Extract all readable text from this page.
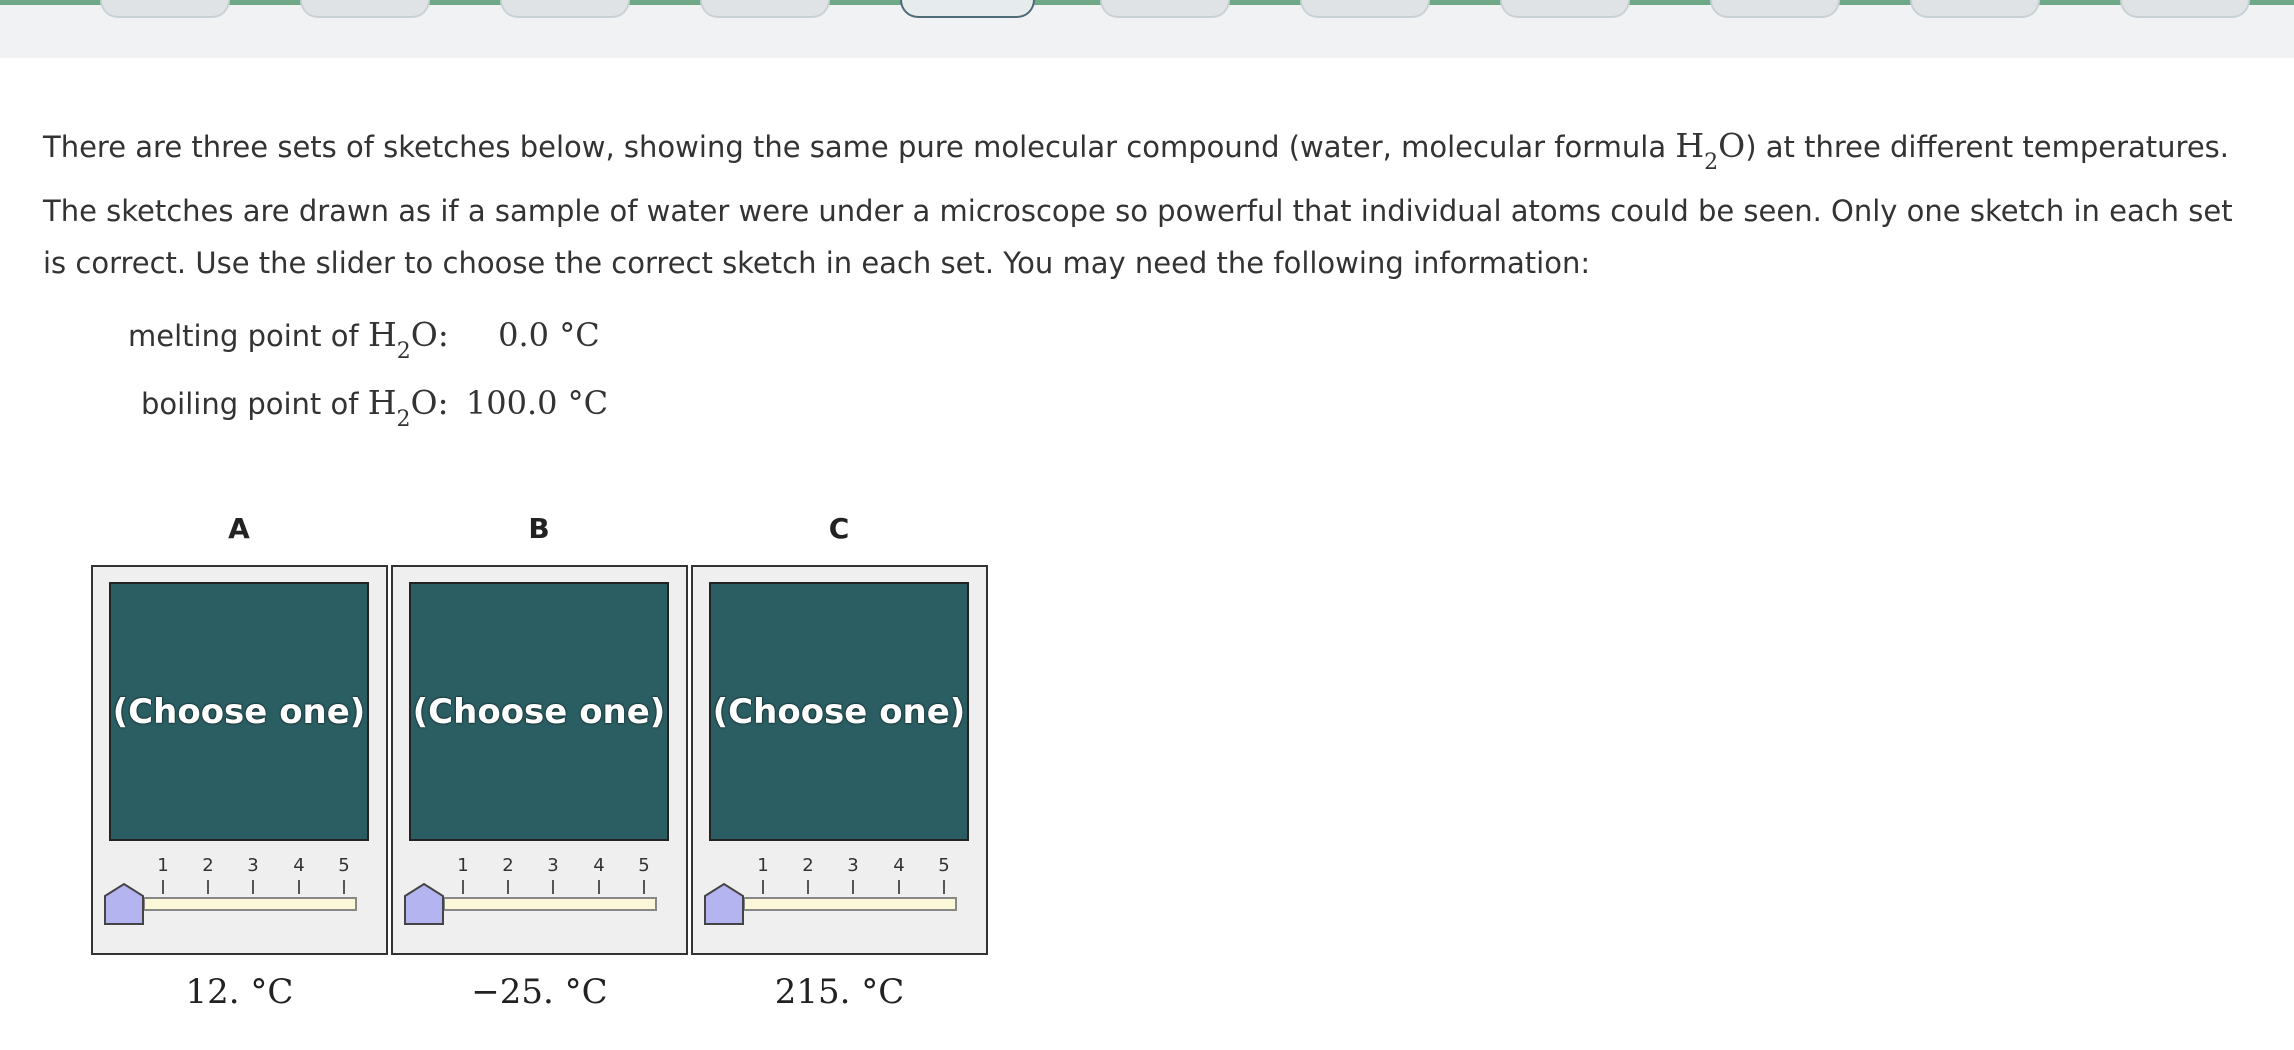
There are three sets of sketches below, showing the same pure molecular compound (water, molecular formula $H_2O$) at three different temperatures. The sketches are drawn as if a sample of water were under a microscope so powerful that individual atoms could be seen. Only one sketch in each set is correct. Use the slider to choose the correct sketch in each set. You may need the following information:
melting point of $H_2O$: 0.0 °C
boiling point of $H_2O$: 100.0 °C
A	B	C
(Choose one)
1	2	3	4	5
(Choose one)
1	2	3	4	5
(Choose one)
1	2	3	4	5
12. °C	−25. °C	215. °C
